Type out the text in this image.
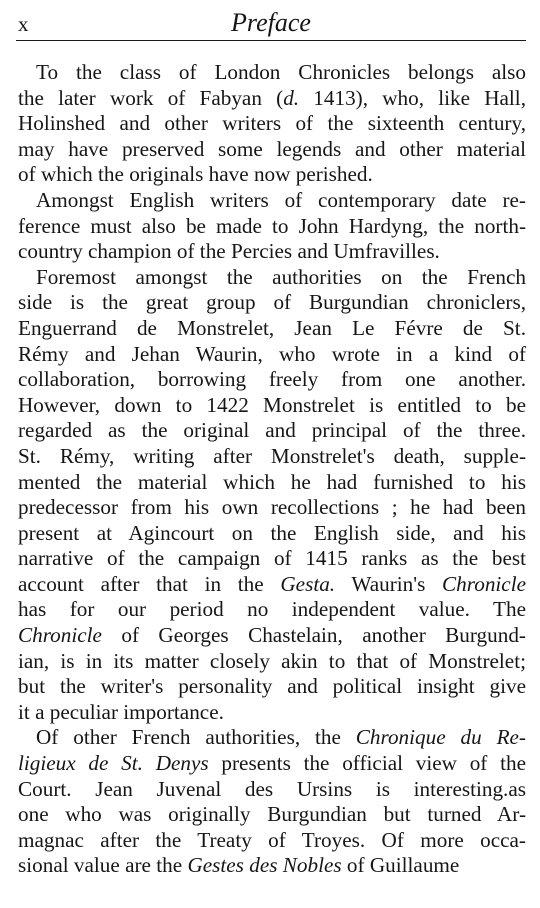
x	Preface
To the class of London Chronicles belongs also
the later work of Fabyan (d. 1413), who, like Hall,
Holinshed and other writers of the sixteenth century,
may have preserved some legends and other material
of which the originals have now perished.
Amongst English writers of contemporary date re-
ference must also be made to John Hardyng, the north-
country champion of the Percies and Umfravilles.
Foremost amongst the authorities on the French
side is the great group of Burgundian chroniclers,
Enguerrand de Monstrelet, Jean Le Févre de St.
Rémy and Jehan Waurin, who wrote in a kind of
collaboration, borrowing freely from one another.
However, down to 1422 Monstrelet is entitled to be
regarded as the original and principal of the three.
St. Rémy, writing after Monstrelet's death, supple-
mented the material which he had furnished to his
predecessor from his own recollections ; he had been
present at Agincourt on the English side, and his
narrative of the campaign of 1415 ranks as the best
account after that in the Gesta. Waurin's Chronicle
has for our period no independent value. The
Chronicle of Georges Chastelain, another Burgund-
ian, is in its matter closely akin to that of Monstrelet;
but the writer's personality and political insight give
it a peculiar importance.
Of other French authorities, the Chronique du Re-
ligieux de St. Denys presents the official view of the
Court. Jean Juvenal des Ursins is interesting.as
one who was originally Burgundian but turned Ar-
magnac after the Treaty of Troyes. Of more occa-
sional value are the Gestes des Nobles of Guillaume
